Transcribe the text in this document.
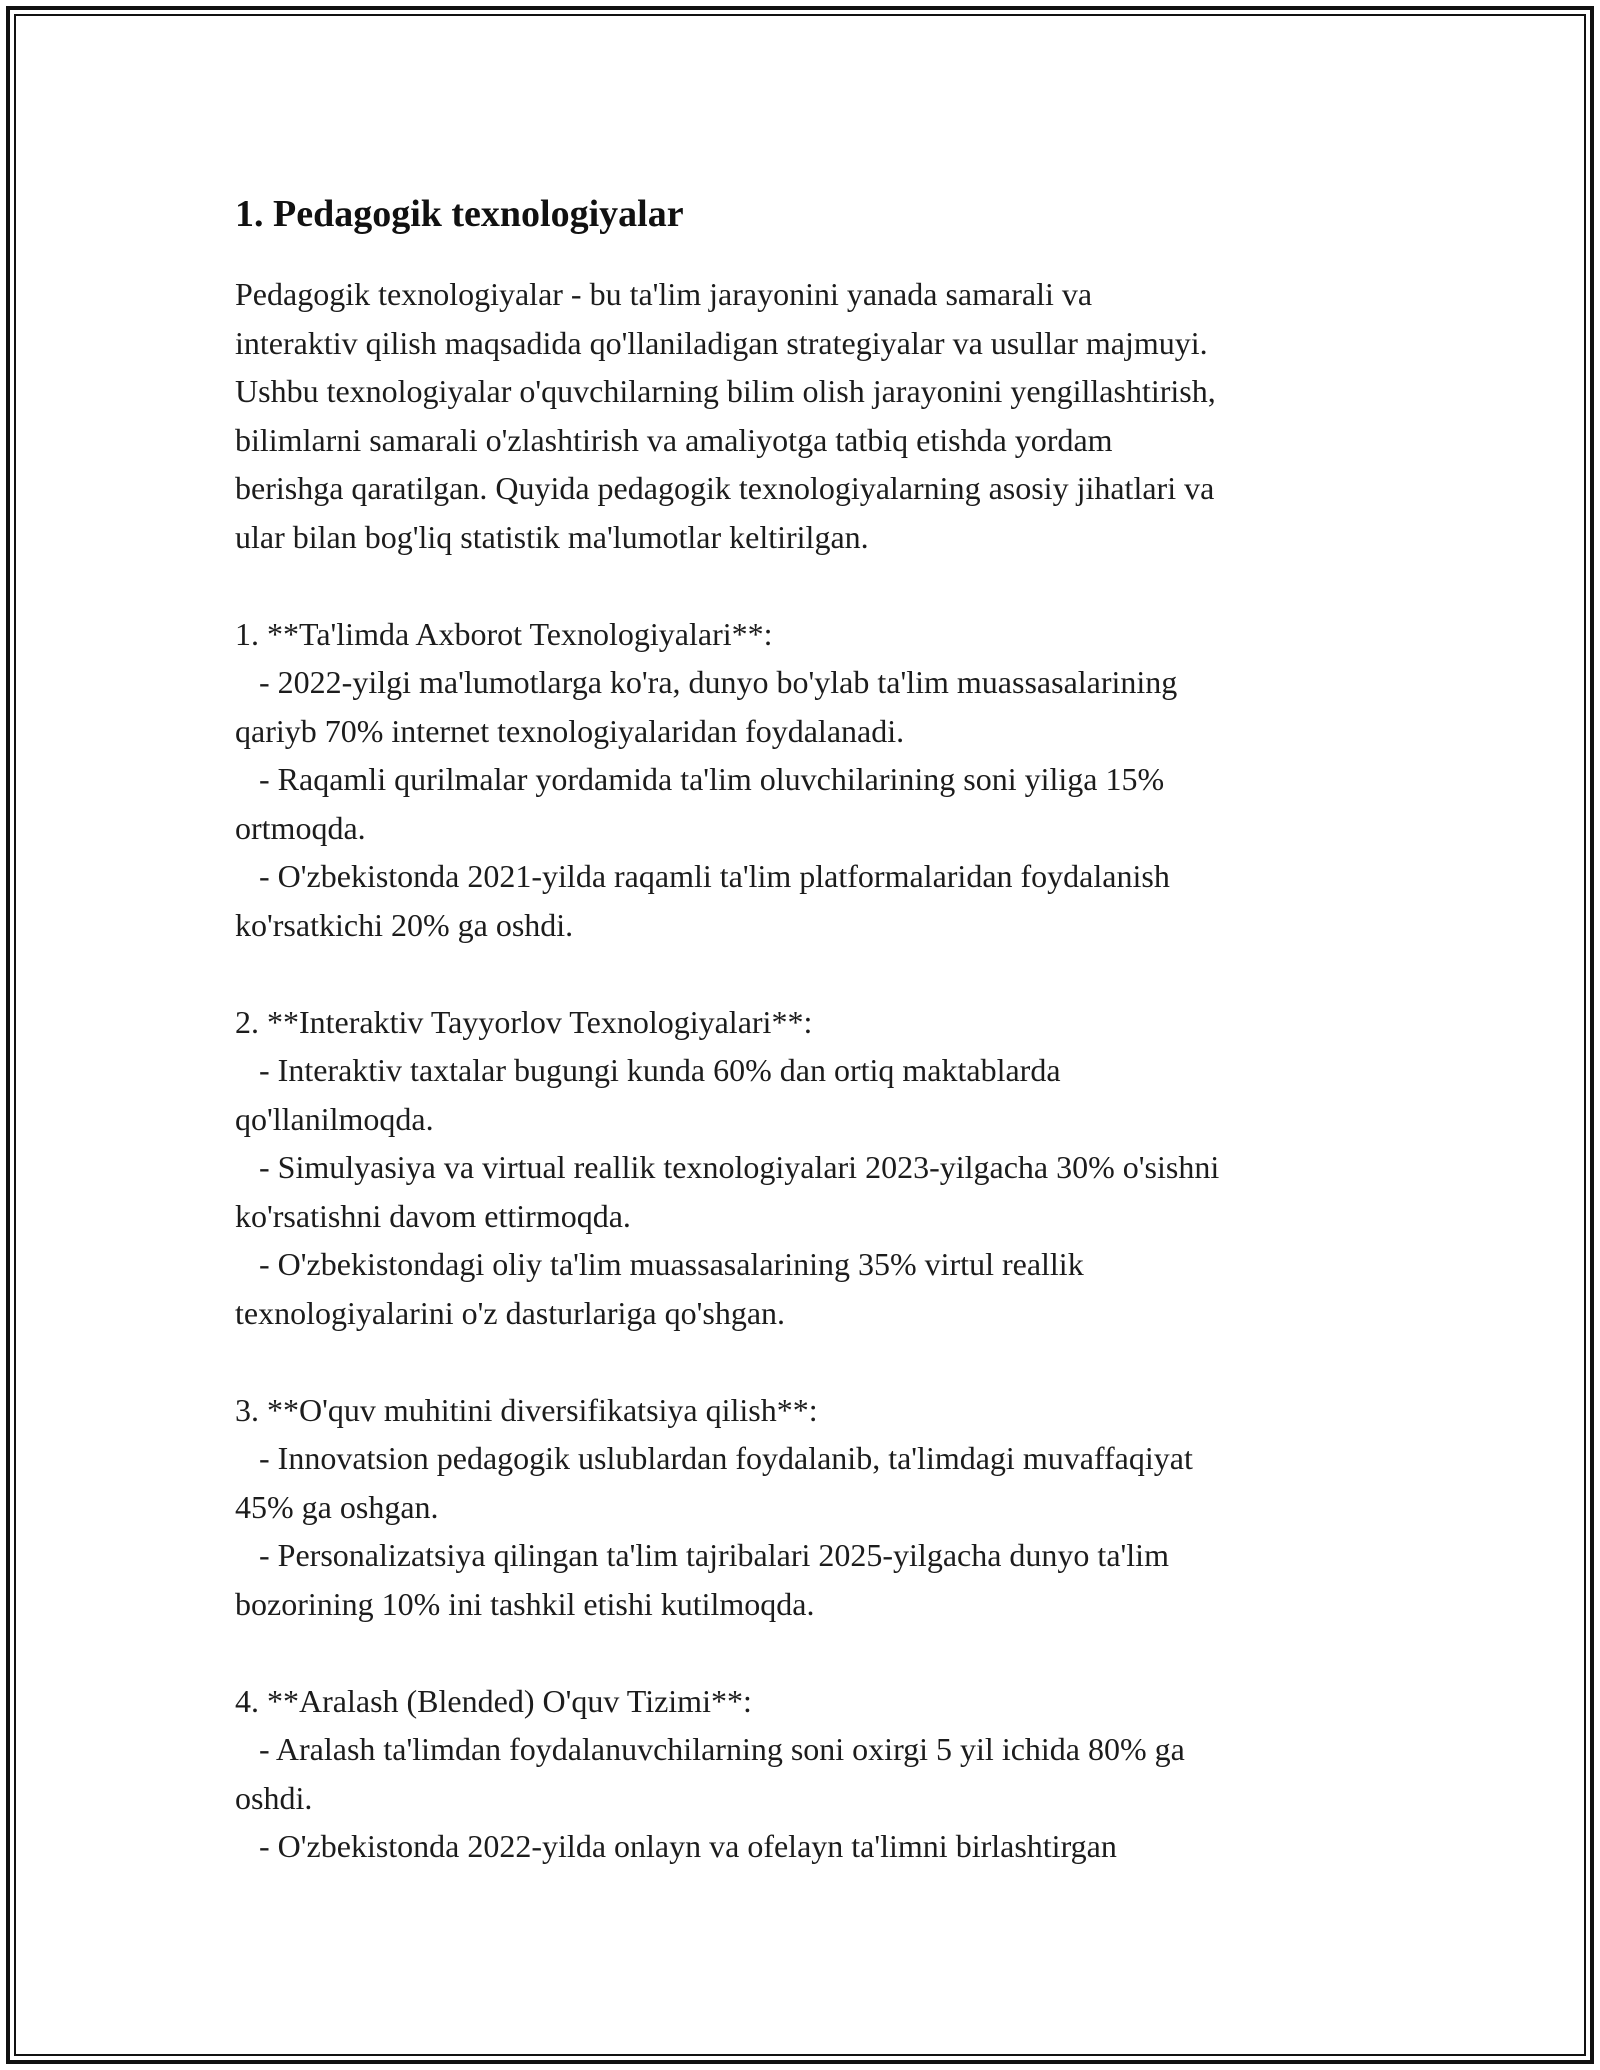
1. Pedagogik texnologiyalar

Pedagogik texnologiyalar - bu ta'lim jarayonini yanada samarali va
interaktiv qilish maqsadida qo'llaniladigan strategiyalar va usullar majmuyi.
Ushbu texnologiyalar o'quvchilarning bilim olish jarayonini yengillashtirish,
bilimlarni samarali o'zlashtirish va amaliyotga tatbiq etishda yordam
berishga qaratilgan. Quyida pedagogik texnologiyalarning asosiy jihatlari va
ular bilan bog'liq statistik ma'lumotlar keltirilgan.

1. **Ta'limda Axborot Texnologiyalari**:
- 2022-yilgi ma'lumotlarga ko'ra, dunyo bo'ylab ta'lim muassasalarining
qariyb 70% internet texnologiyalaridan foydalanadi.
- Raqamli qurilmalar yordamida ta'lim oluvchilarining soni yiliga 15%
ortmoqda.
- O'zbekistonda 2021-yilda raqamli ta'lim platformalaridan foydalanish
ko'rsatkichi 20% ga oshdi.

2. **Interaktiv Tayyorlov Texnologiyalari**:
- Interaktiv taxtalar bugungi kunda 60% dan ortiq maktablarda
qo'llanilmoqda.
- Simulyasiya va virtual reallik texnologiyalari 2023-yilgacha 30% o'sishni
ko'rsatishni davom ettirmoqda.
- O'zbekistondagi oliy ta'lim muassasalarining 35% virtul reallik
texnologiyalarini o'z dasturlariga qo'shgan.

3. **O'quv muhitini diversifikatsiya qilish**:
- Innovatsion pedagogik uslublardan foydalanib, ta'limdagi muvaffaqiyat
45% ga oshgan.
- Personalizatsiya qilingan ta'lim tajribalari 2025-yilgacha dunyo ta'lim
bozorining 10% ini tashkil etishi kutilmoqda.

4. **Aralash (Blended) O'quv Tizimi**:
- Aralash ta'limdan foydalanuvchilarning soni oxirgi 5 yil ichida 80% ga
oshdi.
- O'zbekistonda 2022-yilda onlayn va ofelayn ta'limni birlashtirgan
